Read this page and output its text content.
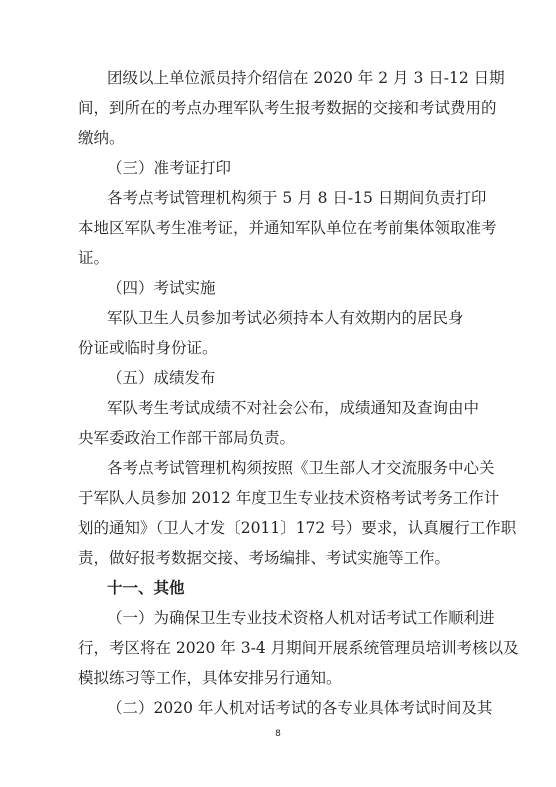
团级以上单位派员持介绍信在 2020 年 2 月 3 日-12 日期
间，到所在的考点办理军队考生报考数据的交接和考试费用的
缴纳。
（三）准考证打印
各考点考试管理机构须于 5 月 8 日-15 日期间负责打印
本地区军队考生准考证，并通知军队单位在考前集体领取准考
证。
（四）考试实施
军队卫生人员参加考试必须持本人有效期内的居民身
份证或临时身份证。
（五）成绩发布
军队考生考试成绩不对社会公布，成绩通知及查询由中
央军委政治工作部干部局负责。
各考点考试管理机构须按照《卫生部人才交流服务中心关
于军队人员参加 2012 年度卫生专业技术资格考试考务工作计
划的通知》（卫人才发〔2011〕172 号）要求，认真履行工作职
责，做好报考数据交接、考场编排、考试实施等工作。
十一、其他
（一）为确保卫生专业技术资格人机对话考试工作顺利进
行，考区将在 2020 年 3-4 月期间开展系统管理员培训考核以及
模拟练习等工作，具体安排另行通知。
（二）2020 年人机对话考试的各专业具体考试时间及其
8
